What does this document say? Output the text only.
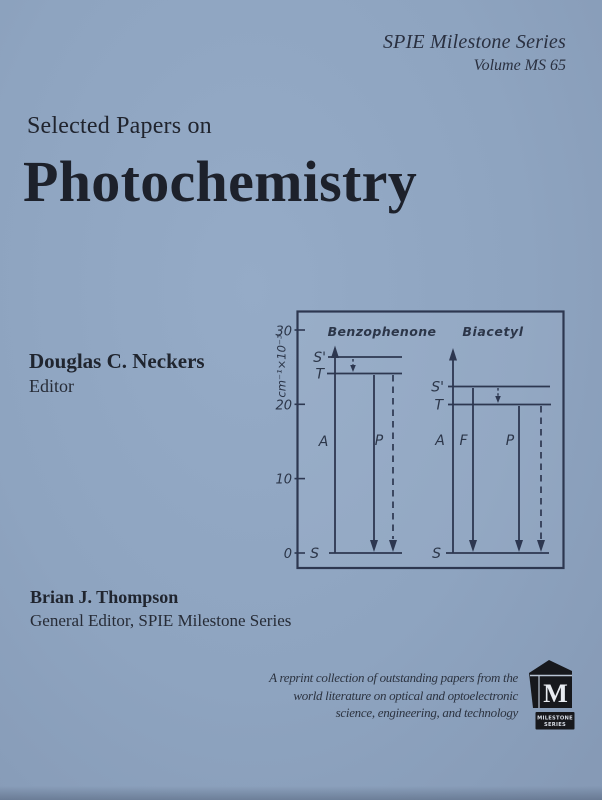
SPIE Milestone Series
Volume MS 65
Selected Papers on
Photochemistry
Douglas C. Neckers
Editor
30
20
10
0
cm⁻¹×10⁻³
Benzophenone Biacetyl
S'
T
S
A	P
S'
T
S
A F	P
Brian J. Thompson
General Editor, SPIE Milestone Series
A reprint collection of outstanding papers from the
world literature on optical and optoelectronic
science, engineering, and technology
M
MILESTONE
SERIES
